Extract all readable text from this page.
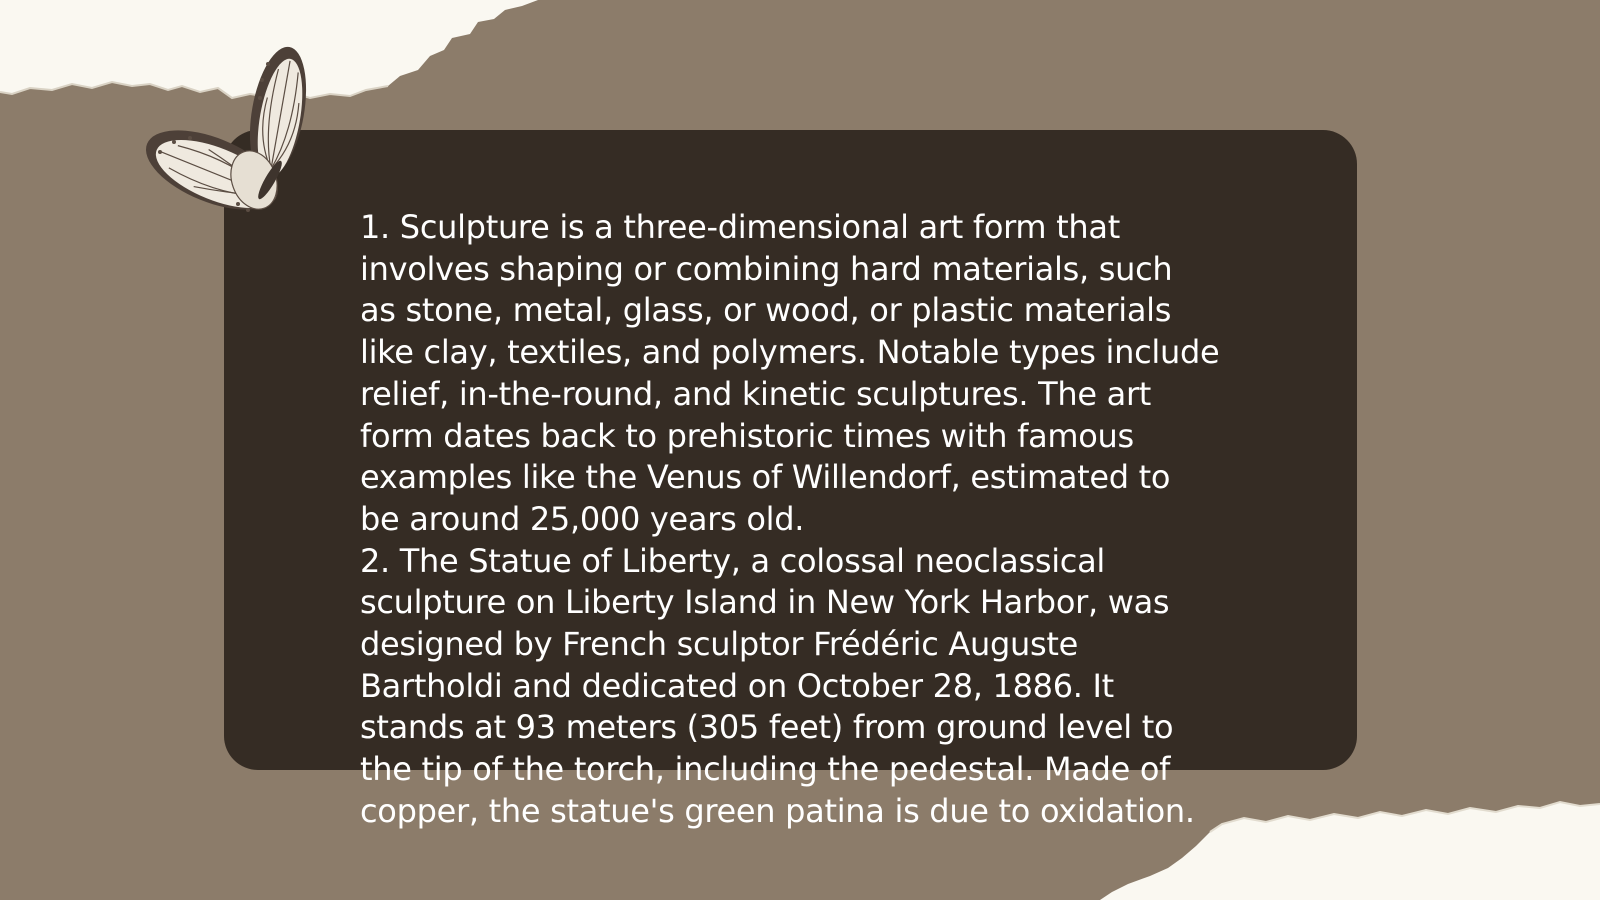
1. Sculpture is a three-dimensional art form that
involves shaping or combining hard materials, such
as stone, metal, glass, or wood, or plastic materials
like clay, textiles, and polymers. Notable types include
relief, in-the-round, and kinetic sculptures. The art
form dates back to prehistoric times with famous
examples like the Venus of Willendorf, estimated to
be around 25,000 years old.
2. The Statue of Liberty, a colossal neoclassical
sculpture on Liberty Island in New York Harbor, was
designed by French sculptor Frédéric Auguste
Bartholdi and dedicated on October 28, 1886. It
stands at 93 meters (305 feet) from ground level to
the tip of the torch, including the pedestal. Made of
copper, the statue's green patina is due to oxidation.
